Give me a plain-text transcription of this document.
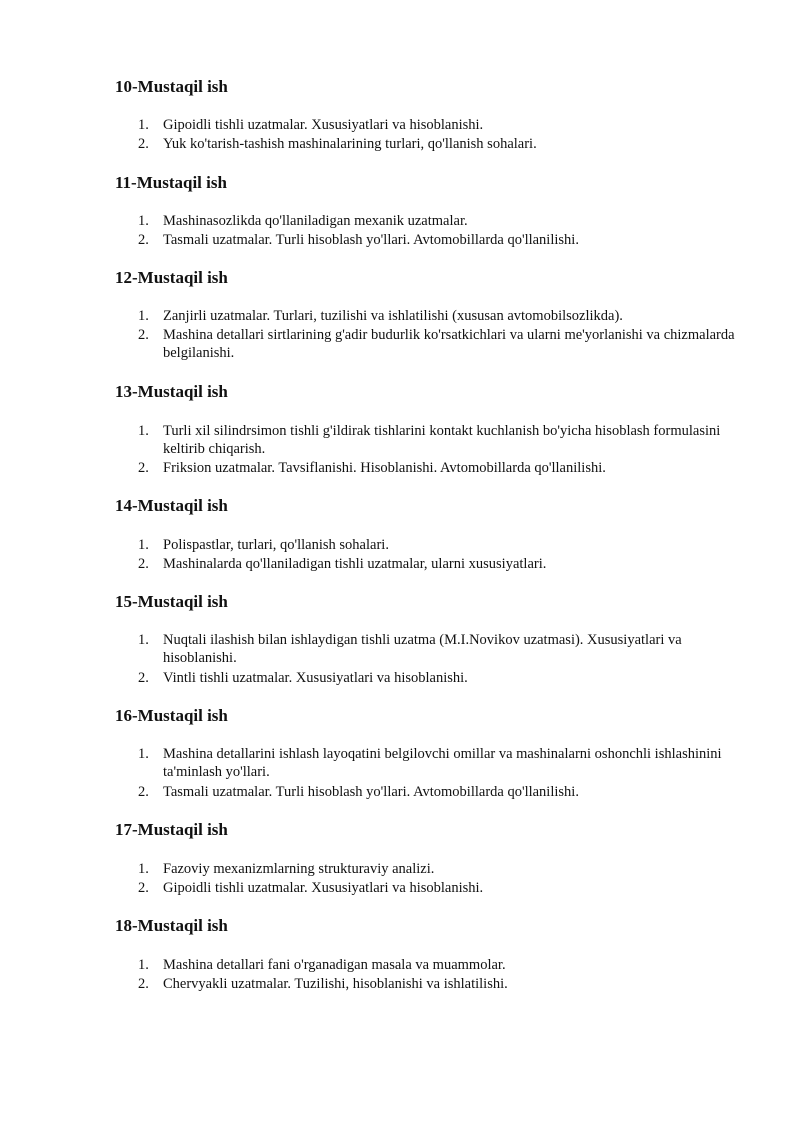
10-Mustaqil ish
1. Gipoidli tishli uzatmalar. Xususiyatlari va hisoblanishi.
2. Yuk ko'tarish-tashish mashinalarining turlari, qo'llanish sohalari.
11-Mustaqil ish
1. Mashinasozlikda qo'llaniladigan mexanik uzatmalar.
2. Tasmali uzatmalar. Turli hisoblash yo'llari. Avtomobillarda qo'llanilishi.
12-Mustaqil ish
1. Zanjirli uzatmalar. Turlari, tuzilishi va ishlatilishi (xususan avtomobilsozlikda).
2. Mashina detallari sirtlarining g'adir budurlik ko'rsatkichlari va ularni me'yorlanishi va chizmalarda belgilanishi.
13-Mustaqil ish
1. Turli xil silindrsimon tishli g'ildirak tishlarini kontakt kuchlanish bo'yicha hisoblash formulasini keltirib chiqarish.
2. Friksion uzatmalar. Tavsiflanishi. Hisoblanishi. Avtomobillarda qo'llanilishi.
14-Mustaqil ish
1. Polispastlar, turlari, qo'llanish sohalari.
2. Mashinalarda qo'llaniladigan tishli uzatmalar, ularni xususiyatlari.
15-Mustaqil ish
1. Nuqtali ilashish bilan ishlaydigan tishli uzatma (M.I.Novikov uzatmasi). Xususiyatlari va hisoblanishi.
2. Vintli tishli uzatmalar. Xususiyatlari va hisoblanishi.
16-Mustaqil ish
1. Mashina detallarini ishlash layoqatini belgilovchi omillar va mashinalarni oshonchli ishlashinini ta'minlash yo'llari.
2. Tasmali uzatmalar. Turli hisoblash yo'llari. Avtomobillarda qo'llanilishi.
17-Mustaqil ish
1. Fazoviy mexanizmlarning strukturaviy analizi.
2. Gipoidli tishli uzatmalar. Xususiyatlari va hisoblanishi.
18-Mustaqil ish
1. Mashina detallari fani o'rganadigan masala va muammolar.
2. Chervyakli uzatmalar. Tuzilishi, hisoblanishi va ishlatilishi.
